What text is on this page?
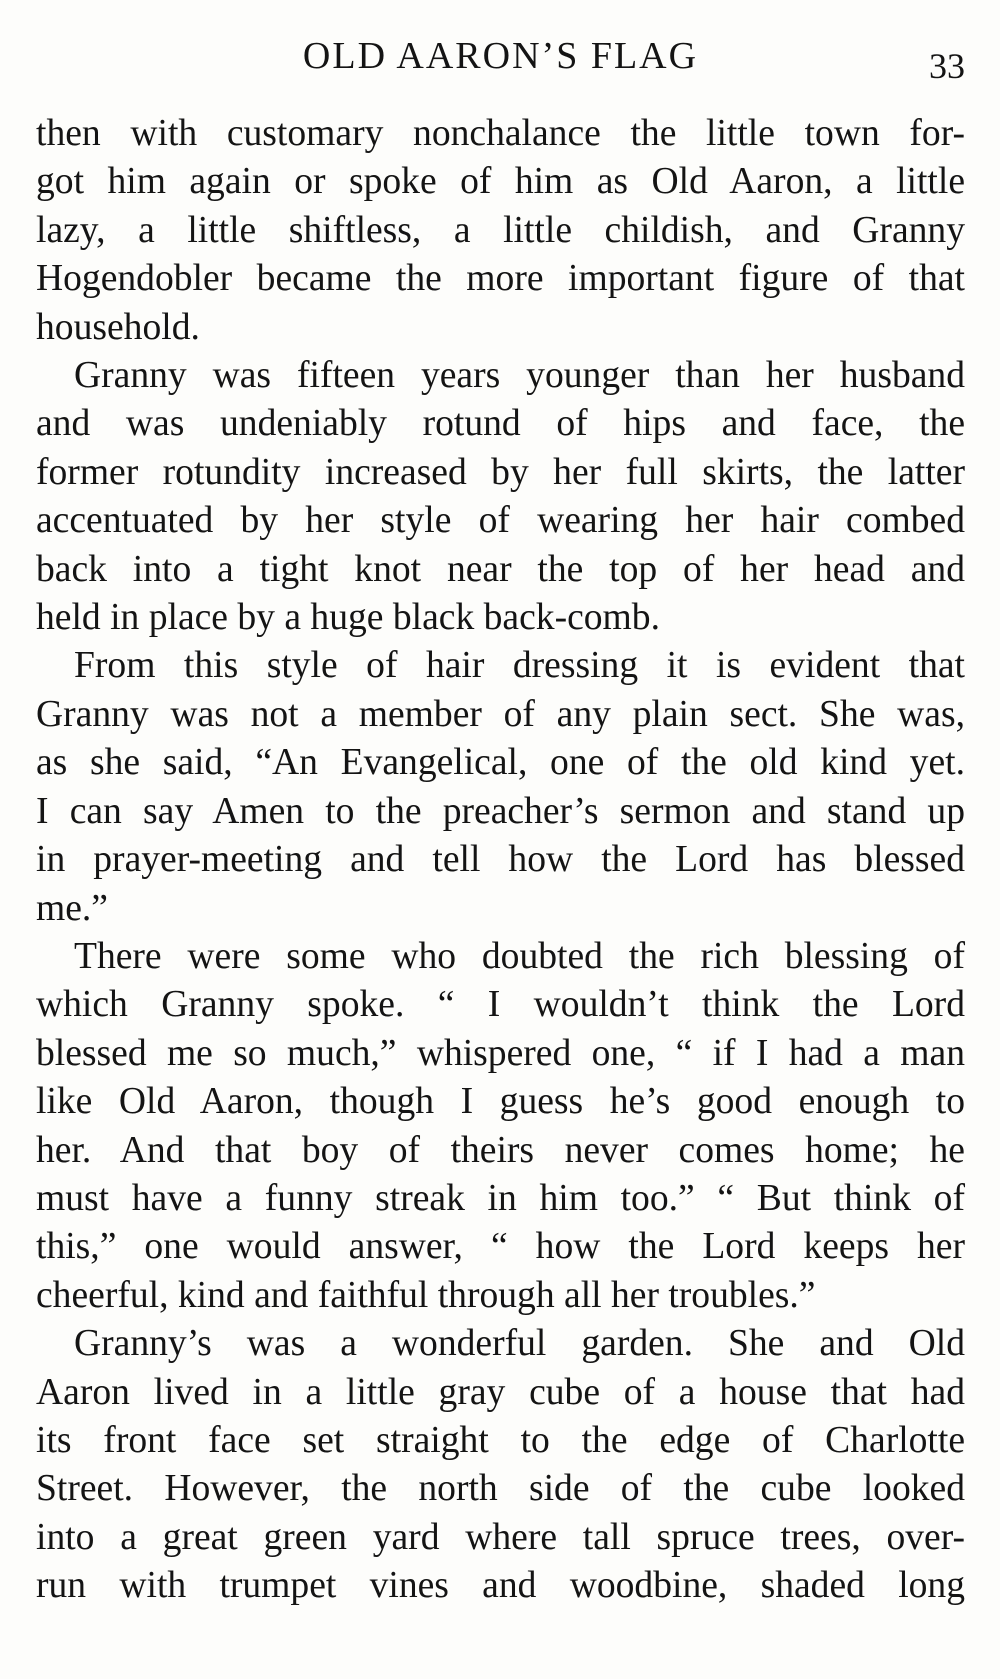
OLD AARON’S FLAG	33
then with customary nonchalance the little town for-
got him again or spoke of him as Old Aaron, a little
lazy, a little shiftless, a little childish, and Granny
Hogendobler became the more important figure of that
household.
Granny was fifteen years younger than her husband
and was undeniably rotund of hips and face, the
former rotundity increased by her full skirts, the latter
accentuated by her style of wearing her hair combed
back into a tight knot near the top of her head and
held in place by a huge black back-comb.
From this style of hair dressing it is evident that
Granny was not a member of any plain sect. She was,
as she said, “An Evangelical, one of the old kind yet.
I can say Amen to the preacher’s sermon and stand up
in prayer-meeting and tell how the Lord has blessed
me.”
There were some who doubted the rich blessing of
which Granny spoke. “ I wouldn’t think the Lord
blessed me so much,” whispered one, “ if I had a man
like Old Aaron, though I guess he’s good enough to
her. And that boy of theirs never comes home; he
must have a funny streak in him too.” “ But think of
this,” one would answer, “ how the Lord keeps her
cheerful, kind and faithful through all her troubles.”
Granny’s was a wonderful garden. She and Old
Aaron lived in a little gray cube of a house that had
its front face set straight to the edge of Charlotte
Street. However, the north side of the cube looked
into a great green yard where tall spruce trees, over-
run with trumpet vines and woodbine, shaded long
